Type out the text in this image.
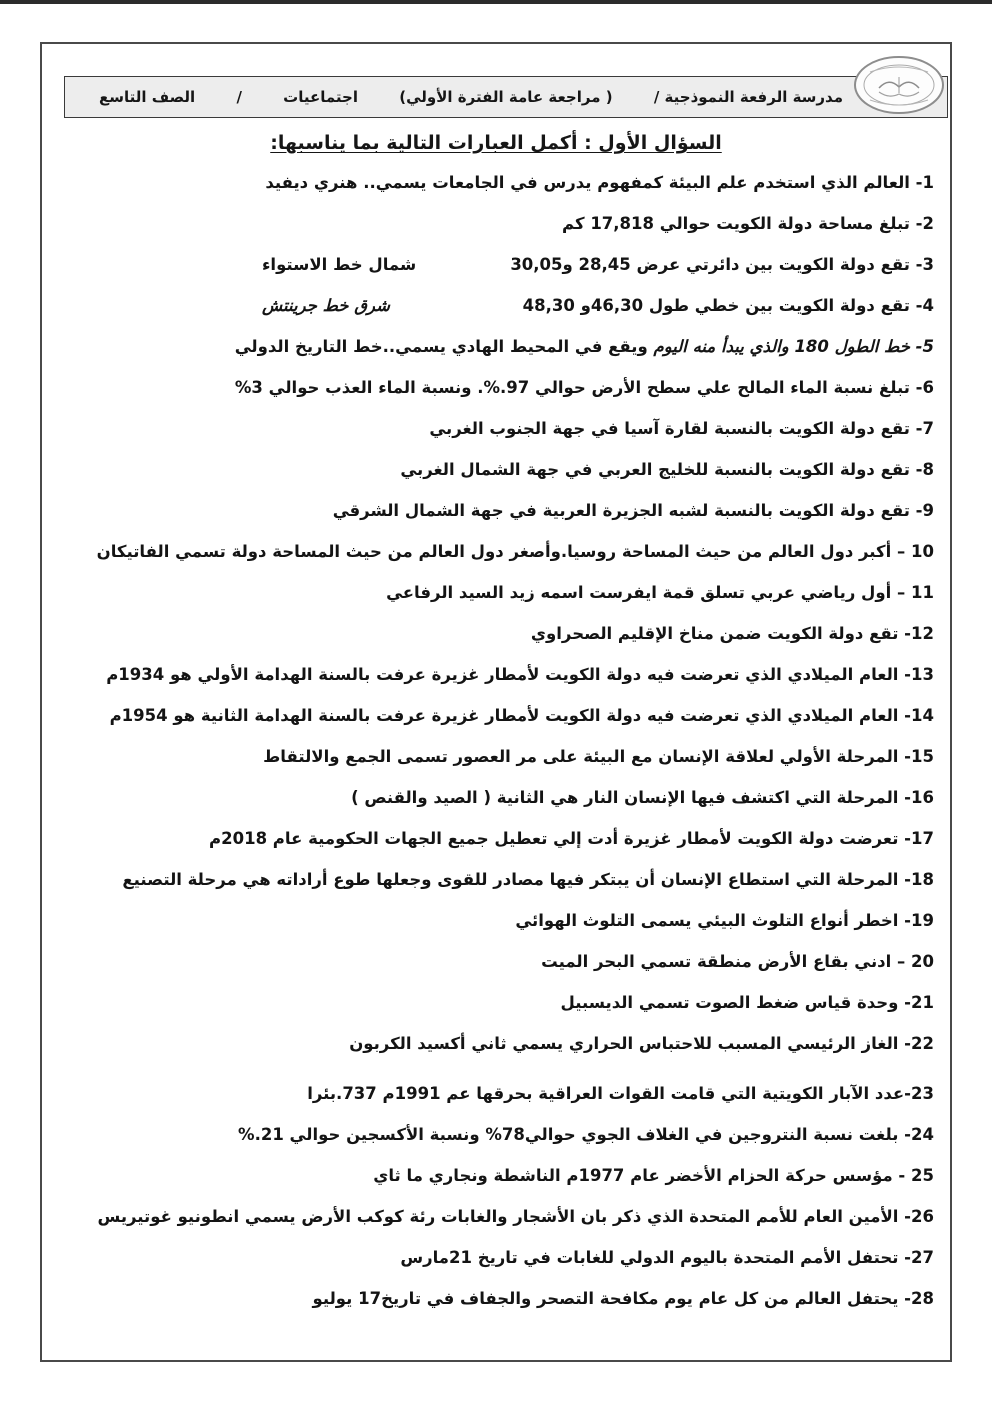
مدرسة الرفعة النموذجية /
( مراجعة عامة الفترة الأولي)
اجتماعيات
/
الصف التاسع
السؤال الأول : أكمل العبارات التالية بما يناسبها:
1- العالم الذي استخدم علم البيئة كمفهوم يدرس في الجامعات يسمي.. هنري ديفيد
2- تبلغ مساحة دولة الكويت حوالي 17,818 كم
3- تقع دولة الكويت بين دائرتي عرض 28,45 و30,05
شمال خط الاستواء
4- تقع دولة الكويت بين خطي طول 46,30و 48,30
شرق خط جرينتش
5- خط الطول 180 والذي يبدأ منه اليوم ويقع في المحيط الهادي يسمي..خط التاريخ الدولي
6- تبلغ نسبة الماء المالح علي سطح الأرض حوالي 97.%. ونسبة الماء العذب حوالي 3%
7- تقع دولة الكويت بالنسبة لقارة آسيا في جهة الجنوب الغربي
8- تقع دولة الكويت بالنسبة للخليج العربي في جهة الشمال الغربي
9- تقع دولة الكويت بالنسبة لشبه الجزيرة العربية في جهة الشمال الشرقي
10 – أكبر دول العالم من حيث المساحة روسيا.وأصغر دول العالم من حيث المساحة دولة تسمي الفاتيكان
11 – أول رياضي عربي تسلق قمة ايفرست اسمه زيد السيد الرفاعي
12- تقع دولة الكويت ضمن مناخ الإقليم الصحراوي
13- العام الميلادي الذي تعرضت فيه دولة الكويت لأمطار غزيرة عرفت بالسنة الهدامة الأولي هو 1934م
14- العام الميلادي الذي تعرضت فيه دولة الكويت لأمطار غزيرة عرفت بالسنة الهدامة الثانية هو 1954م
15- المرحلة الأولي لعلاقة الإنسان مع البيئة على مر العصور تسمى الجمع والالتقاط
16- المرحلة التي اكتشف فيها الإنسان النار هي الثانية ( الصيد والقنص )
17- تعرضت دولة الكويت لأمطار غزيرة أدت إلي تعطيل جميع الجهات الحكومية عام 2018م
18- المرحلة التي استطاع الإنسان أن يبتكر فيها مصادر للقوى وجعلها طوع أراداته هي مرحلة التصنيع
19- اخطر أنواع التلوث البيئي يسمى التلوث الهوائي
20 – ادني بقاع الأرض منطقة تسمي البحر الميت
21- وحدة قياس ضغط الصوت تسمي الديسبيل
22- الغاز الرئيسي المسبب للاحتباس الحراري يسمي ثاني أكسيد الكربون
23-عدد الآبار الكويتية التي قامت القوات العراقية بحرقها عم 1991م 737.بئرا
24- بلغت نسبة النتروجين في الغلاف الجوي حوالي78% ونسبة الأكسجين حوالي 21.%
25 - مؤسس حركة الحزام الأخضر عام 1977م الناشطة ونجاري ما ثاي
26- الأمين العام للأمم المتحدة الذي ذكر بان الأشجار والغابات رئة كوكب الأرض يسمي انطونيو غوتيريس
27- تحتفل الأمم المتحدة باليوم الدولي للغابات في تاريخ 21مارس
28- يحتفل العالم من كل عام يوم مكافحة التصحر والجفاف في تاريخ17 يوليو
